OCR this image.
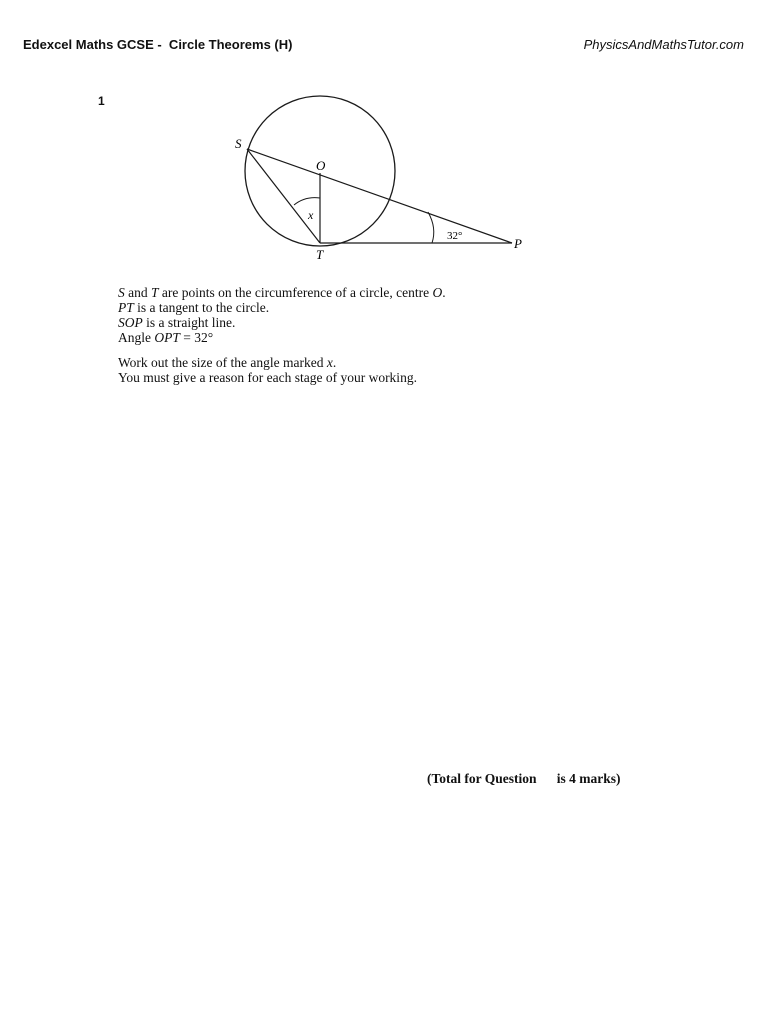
Edexcel Maths GCSE -  Circle Theorems (H)	PhysicsAndMathsTutor.com
1
S
O
T
P
x
32°
S and T are points on the circumference of a circle, centre O.
PT is a tangent to the circle.
SOP is a straight line.
Angle OPT = 32°
Work out the size of the angle marked x.
You must give a reason for each stage of your working.
(Total for Question      is 4 marks)
